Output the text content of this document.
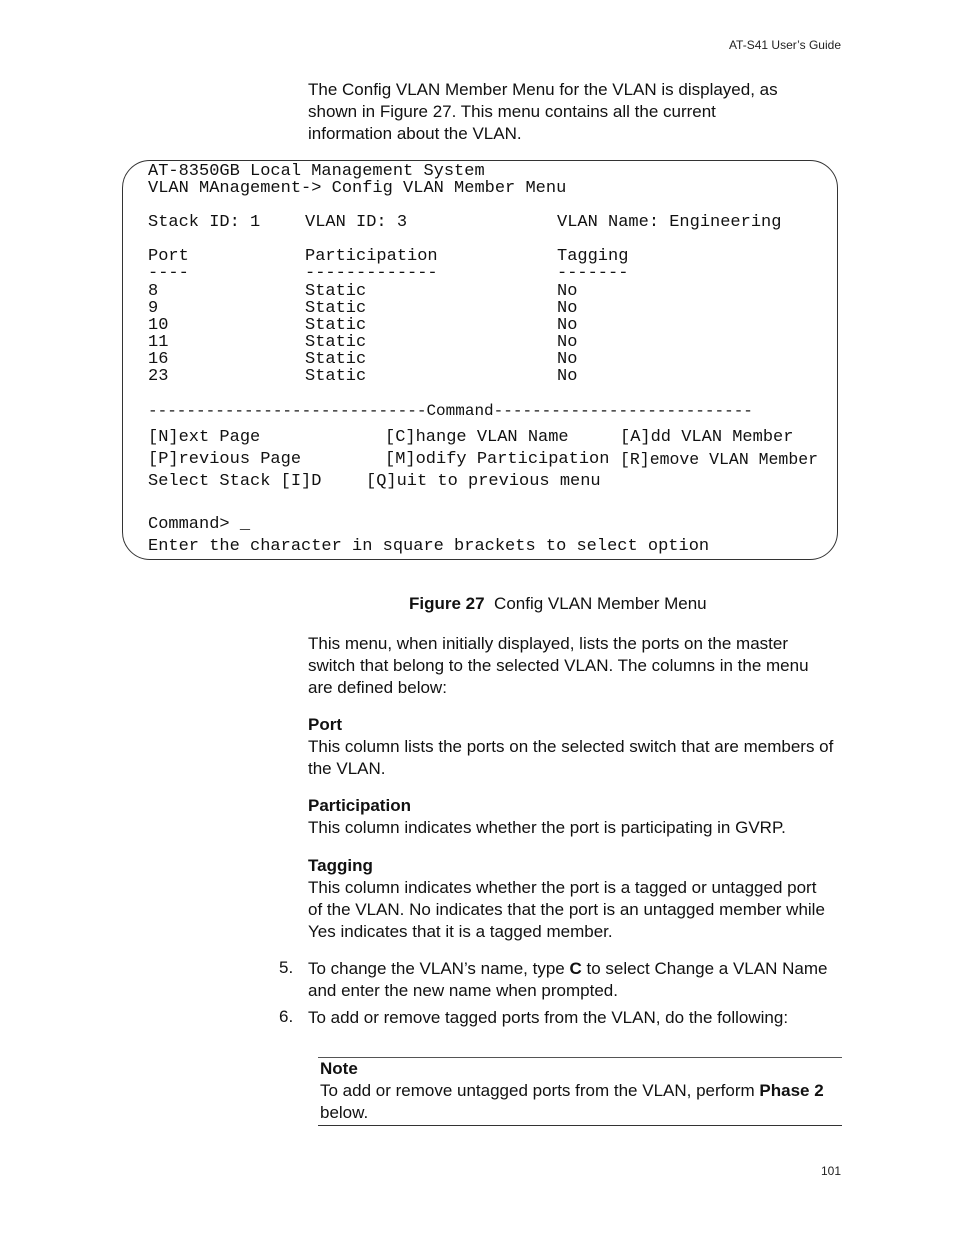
AT-S41 User’s Guide
The Config VLAN Member Menu for the VLAN is displayed, as
shown in Figure 27. This menu contains all the current
information about the VLAN.
AT-8350GB Local Management System
VLAN MAnagement-> Config VLAN Member Menu
Stack ID: 1	VLAN ID: 3	VLAN Name: Engineering
Port	Participation	Tagging
----	-------------	-------
8	Static	No
9	Static	No
10	Static	No
11	Static	No
16	Static	No
23	Static	No
-----------------------------Command---------------------------
[N]ext Page	[C]hange VLAN Name	[A]dd VLAN Member
[P]revious Page	[M]odify Participation [R]emove VLAN Member
Select Stack [I]D	[Q]uit to previous menu
Command> _
Enter the character in square brackets to select option
Figure 27 Config VLAN Member Menu
This menu, when initially displayed, lists the ports on the master
switch that belong to the selected VLAN. The columns in the menu
are defined below:
Port
This column lists the ports on the selected switch that are members of
the VLAN.
Participation
This column indicates whether the port is participating in GVRP.
Tagging
This column indicates whether the port is a tagged or untagged port
of the VLAN. No indicates that the port is an untagged member while
Yes indicates that it is a tagged member.
5. To change the VLAN’s name, type C to select Change a VLAN Name
and enter the new name when prompted.
6. To add or remove tagged ports from the VLAN, do the following:
Note
To add or remove untagged ports from the VLAN, perform Phase 2
below.
101
